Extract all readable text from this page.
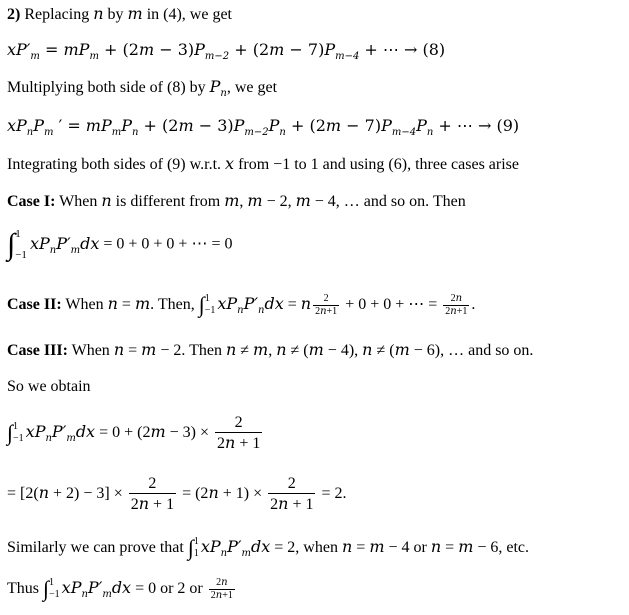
2) Replacing n by m in (4), we get
$xP'_m = mP_m + (2m - 3)P_{m-2} + (2m - 7)P_{m-4}$ + ⋯ → (8)
Multiplying both side of (8) by $P_n$, we get
$xP_nP_m$ ′ = $mP_mP_n + (2m - 3)P_{m-2}P_n + (2m - 7)P_{m-4}P_n$ + ⋯ → (9)
Integrating both sides of (9) w.r.t. x from −1 to 1 and using (6), three cases arise
Case I: When n is different from m, m − 2, m − 4, … and so on. Then
∫ 1
−1
$xP_nP'_mdx = 0 + 0 + 0$ + ⋯ = 0
Case II: When n = m. Then, ∫ 1
−1 $xP_nP'_ndx = n \frac{2}{2n+1} + 0 + 0$ + ⋯ = $\frac{2n}{2n+1}$ .
Case III: When n = m − 2. Then n ≠ m, n ≠ (m − 4), n ≠ (m − 6), … and so on.
So we obtain
∫ 1
−1 $xP_nP'_mdx = 0 + (2m - 3) \times \frac{2}{2n + 1}$
= $[2(n + 2) - 3] \times \frac{2}{2n + 1} = (2n + 1) \times \frac{2}{2n + 1} = 2$.
Similarly we can prove that ∫ 1
1 $xP_nP'_mdx = 2$, when n = m − 4 or n = m − 6, etc.
Thus ∫ 1
−1 $xP_nP'_mdx = 0$ or 2 or $\frac{2n}{2n+1}$
